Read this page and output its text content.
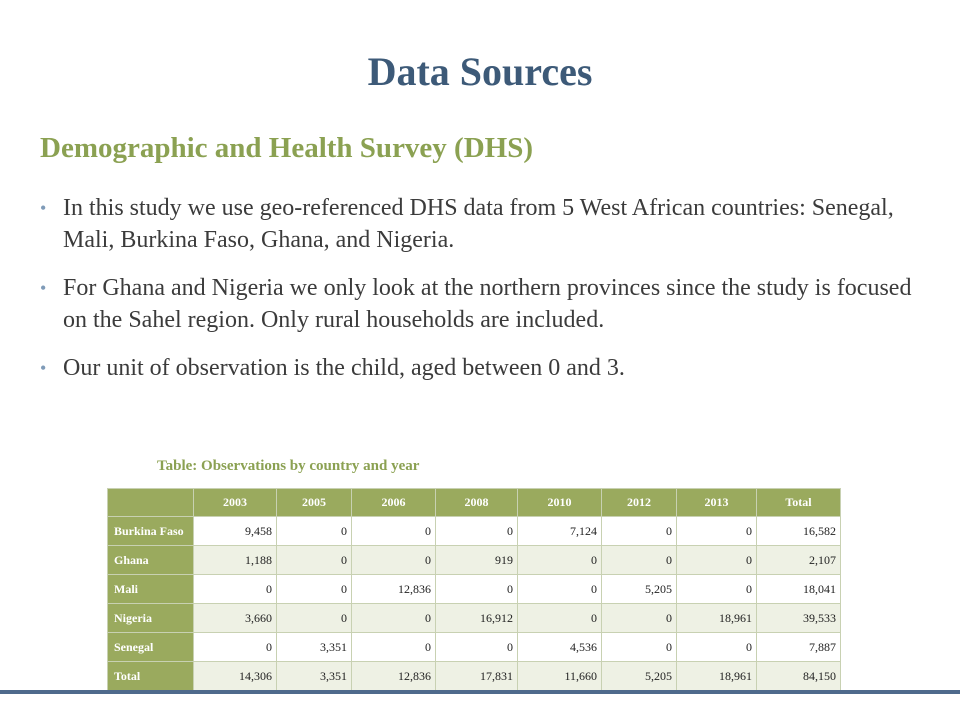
Data Sources
Demographic and Health Survey (DHS)
• In this study we use geo-referenced DHS data from 5 West African countries: Senegal, Mali, Burkina Faso, Ghana, and Nigeria.
• For Ghana and Nigeria we only look at the northern provinces since the study is focused on the Sahel region. Only rural households are included.
• Our unit of observation is the child, aged between 0 and 3.

Table: Observations by country and year

	2003	2005	2006	2008	2010	2012	2013	Total
Burkina Faso	9,458	0	0	0	7,124	0	0	16,582
Ghana	1,188	0	0	919	0	0	0	2,107
Mali	0	0	12,836	0	0	5,205	0	18,041
Nigeria	3,660	0	0	16,912	0	0	18,961	39,533
Senegal	0	3,351	0	0	4,536	0	0	7,887
Total	14,306	3,351	12,836	17,831	11,660	5,205	18,961	84,150
